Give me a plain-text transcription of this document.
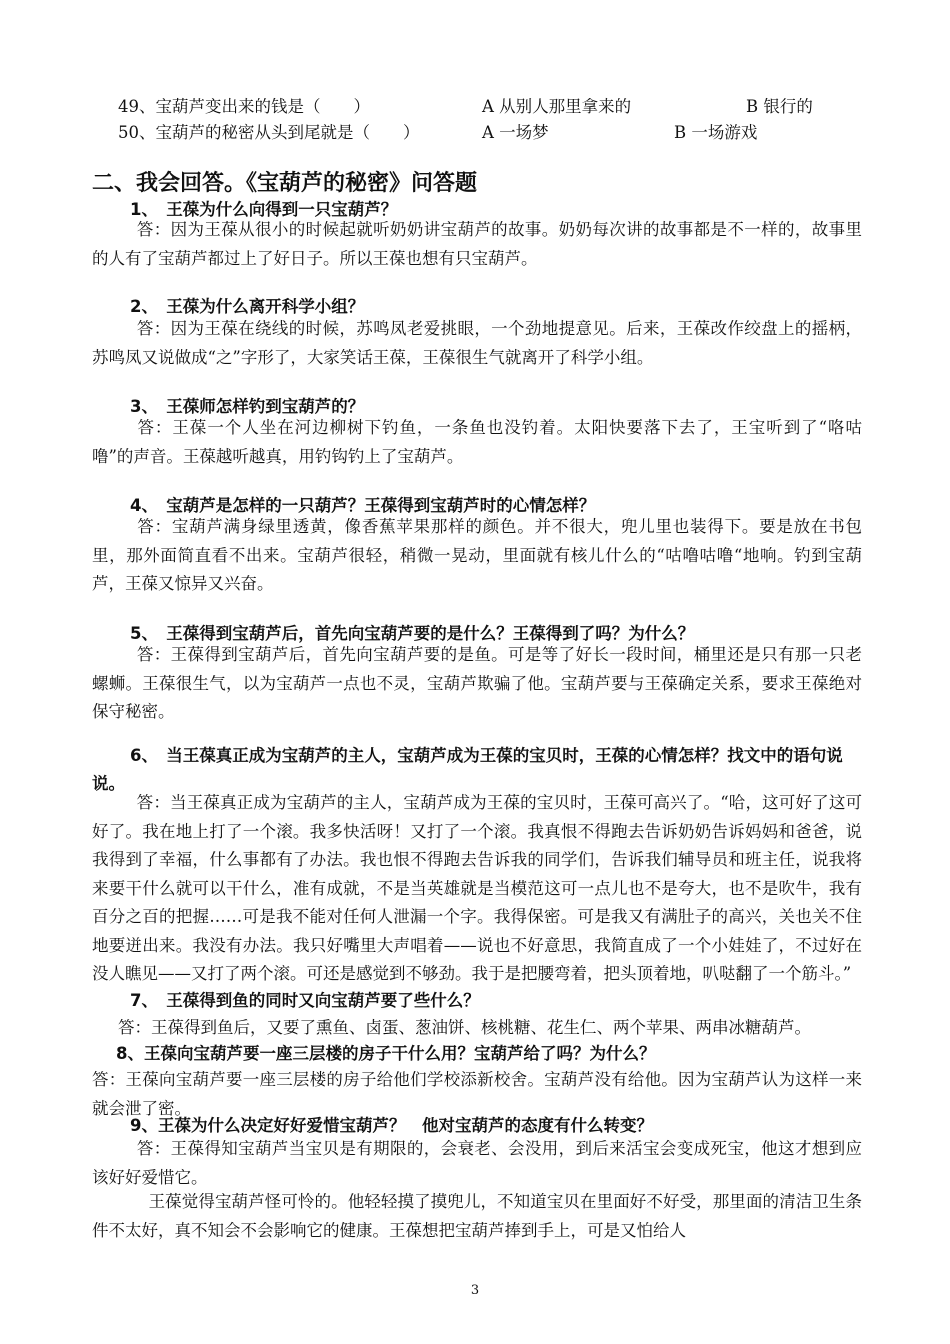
49、宝葫芦变出来的钱是（　　）	A 从别人那里拿来的	B 银行的
50、宝葫芦的秘密从头到尾就是（　　）	A 一场梦	B 一场游戏
二、我会回答。《宝葫芦的秘密》问答题
1、　王葆为什么向得到一只宝葫芦？
　答：因为王葆从很小的时候起就听奶奶讲宝葫芦的故事。奶奶每次讲的故事都是不一样的，故事里的人有了宝葫芦都过上了好日子。所以王葆也想有只宝葫芦。
2、　王葆为什么离开科学小组？
　答：因为王葆在绕线的时候，苏鸣凤老爱挑眼，一个劲地提意见。后来，王葆改作绞盘上的摇柄，苏鸣凤又说做成“之”字形了，大家笑话王葆，王葆很生气就离开了科学小组。
3、　王葆师怎样钓到宝葫芦的？
　答：王葆一个人坐在河边柳树下钓鱼，一条鱼也没钓着。太阳快要落下去了，王宝听到了“咯咕噜”的声音。王葆越听越真，用钓钩钓上了宝葫芦。
4、　宝葫芦是怎样的一只葫芦？王葆得到宝葫芦时的心情怎样？
　答：宝葫芦满身绿里透黄，像香蕉苹果那样的颜色。并不很大，兜儿里也装得下。要是放在书包里，那外面简直看不出来。宝葫芦很轻，稍微一晃动，里面就有核儿什么的“咕噜咕噜“地响。钓到宝葫芦，王葆又惊异又兴奋。
5、　王葆得到宝葫芦后，首先向宝葫芦要的是什么？王葆得到了吗？为什么？
　答：王葆得到宝葫芦后，首先向宝葫芦要的是鱼。可是等了好长一段时间，桶里还是只有那一只老螺蛳。王葆很生气，以为宝葫芦一点也不灵，宝葫芦欺骗了他。宝葫芦要与王葆确定关系，要求王葆绝对保守秘密。
6、　当王葆真正成为宝葫芦的主人，宝葫芦成为王葆的宝贝时，王葆的心情怎样？找文中的语句说说。
　答：当王葆真正成为宝葫芦的主人，宝葫芦成为王葆的宝贝时，王葆可高兴了。“哈，这可好了这可好了。我在地上打了一个滚。我多快活呀！又打了一个滚。我真恨不得跑去告诉奶奶告诉妈妈和爸爸，说我得到了幸福，什么事都有了办法。我也恨不得跑去告诉我的同学们，告诉我们辅导员和班主任，说我将来要干什么就可以干什么，准有成就，不是当英雄就是当模范这可一点儿也不是夸大，也不是吹牛，我有百分之百的把握……可是我不能对任何人泄漏一个字。我得保密。可是我又有满肚子的高兴，关也关不住地要迸出来。我没有办法。我只好嘴里大声唱着——说也不好意思，我简直成了一个小娃娃了，不过好在没人瞧见——又打了两个滚。可还是感觉到不够劲。我于是把腰弯着，把头顶着地，叭哒翻了一个筋斗。”
7、　王葆得到鱼的同时又向宝葫芦要了些什么？
答：王葆得到鱼后，又要了熏鱼、卤蛋、葱油饼、核桃糖、花生仁、两个苹果、两串冰糖葫芦。
8、王葆向宝葫芦要一座三层楼的房子干什么用？宝葫芦给了吗？为什么？
答：王葆向宝葫芦要一座三层楼的房子给他们学校添新校舍。宝葫芦没有给他。因为宝葫芦认为这样一来就会泄了密。
9、王葆为什么决定好好爱惜宝葫芦？　他对宝葫芦的态度有什么转变？
　答：王葆得知宝葫芦当宝贝是有期限的，会衰老、会没用，到后来活宝会变成死宝，他这才想到应该好好爱惜它。
　王葆觉得宝葫芦怪可怜的。他轻轻摸了摸兜儿，不知道宝贝在里面好不好受，那里面的清洁卫生条件不太好，真不知会不会影响它的健康。王葆想把宝葫芦捧到手上，可是又怕给人
3
